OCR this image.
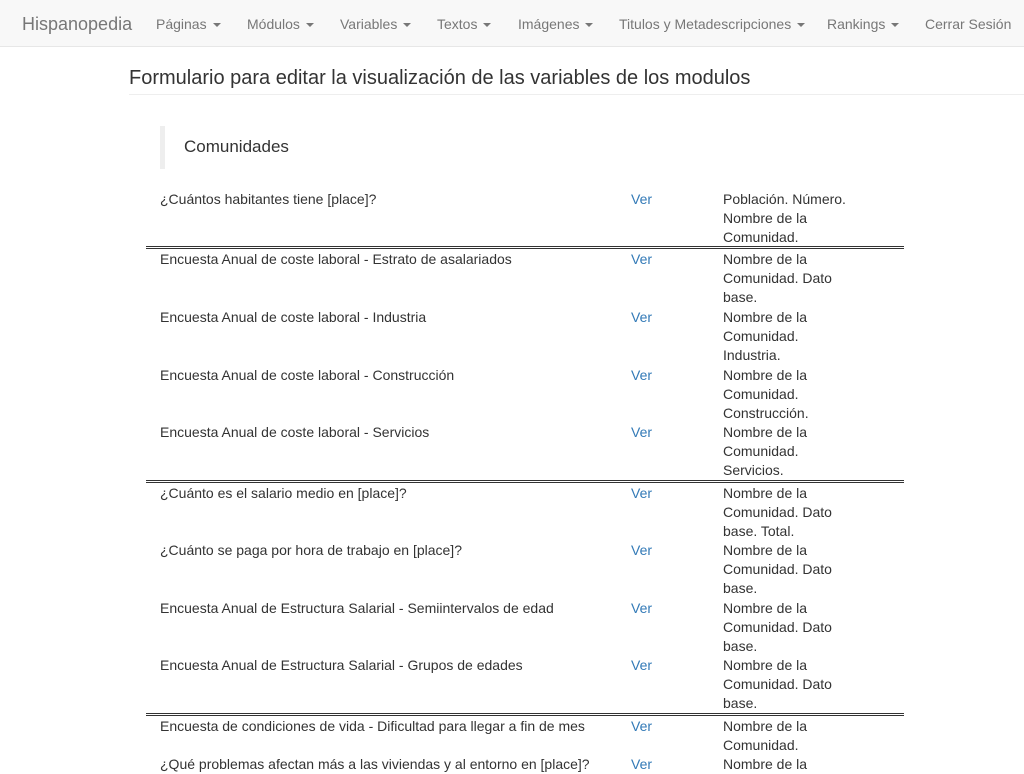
Hispanopedia Páginas	Módulos	Variables	Textos	Imágenes	Titulos y Metadescripciones	Rankings	Cerrar Sesión
Formulario para editar la visualización de las variables de los modulos
Comunidades
¿Cuántos habitantes tiene [place]?	Ver	Población. Número. Nombre de la Comunidad.
Encuesta Anual de coste laboral - Estrato de asalariados	Ver	Nombre de la Comunidad. Dato base.
Encuesta Anual de coste laboral - Industria	Ver	Nombre de la Comunidad. Industria.
Encuesta Anual de coste laboral - Construcción	Ver	Nombre de la Comunidad. Construcción.
Encuesta Anual de coste laboral - Servicios	Ver	Nombre de la Comunidad. Servicios.
¿Cuánto es el salario medio en [place]?	Ver	Nombre de la Comunidad. Dato base. Total.
¿Cuánto se paga por hora de trabajo en [place]?	Ver	Nombre de la Comunidad. Dato base.
Encuesta Anual de Estructura Salarial - Semiintervalos de edad	Ver	Nombre de la Comunidad. Dato base.
Encuesta Anual de Estructura Salarial - Grupos de edades	Ver	Nombre de la Comunidad. Dato base.
Encuesta de condiciones de vida - Dificultad para llegar a fin de mes	Ver	Nombre de la Comunidad.
¿Qué problemas afectan más a las viviendas y al entorno en [place]?	Ver	Nombre de la
